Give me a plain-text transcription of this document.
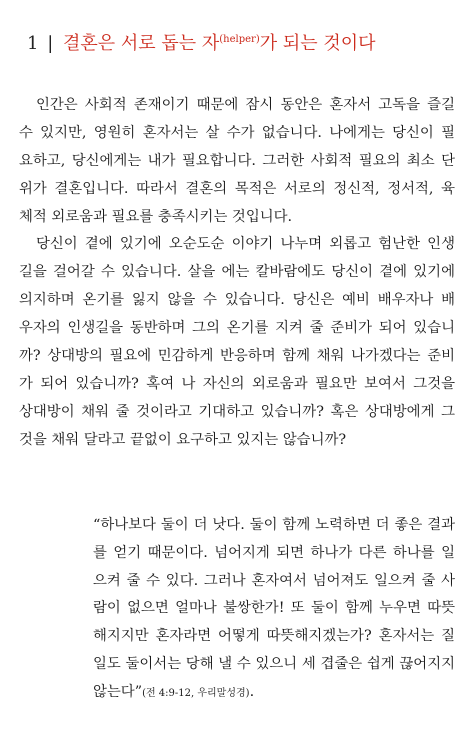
1 | 결혼은 서로 돕는 자$^{(helper)}$가 되는 것이다
　인간은 사회적 존재이기 때문에 잠시 동안은 혼자서 고독을 즐길
수 있지만, 영원히 혼자서는 살 수가 없습니다. 나에게는 당신이 필
요하고, 당신에게는 내가 필요합니다. 그러한 사회적 필요의 최소 단
위가 결혼입니다. 따라서 결혼의 목적은 서로의 정신적, 정서적, 육
체적 외로움과 필요를 충족시키는 것입니다.
　당신이 곁에 있기에 오순도순 이야기 나누며 외롭고 험난한 인생
길을 걸어갈 수 있습니다. 살을 에는 칼바람에도 당신이 곁에 있기에
의지하며 온기를 잃지 않을 수 있습니다. 당신은 예비 배우자나 배
우자의 인생길을 동반하며 그의 온기를 지켜 줄 준비가 되어 있습니
까? 상대방의 필요에 민감하게 반응하며 함께 채워 나가겠다는 준비
가 되어 있습니까? 혹여 나 자신의 외로움과 필요만 보여서 그것을
상대방이 채워 줄 것이라고 기대하고 있습니까? 혹은 상대방에게 그
것을 채워 달라고 끝없이 요구하고 있지는 않습니까?
“하나보다 둘이 더 낫다. 둘이 함께 노력하면 더 좋은 결과
를 얻기 때문이다. 넘어지게 되면 하나가 다른 하나를 일
으켜 줄 수 있다. 그러나 혼자여서 넘어져도 일으켜 줄 사
람이 없으면 얼마나 불쌍한가! 또 둘이 함께 누우면 따뜻
해지지만 혼자라면 어떻게 따뜻해지겠는가? 혼자서는 질
일도 둘이서는 당해 낼 수 있으니 세 겹줄은 쉽게 끊어지지
않는다”(전 4:9-12, 우리말성경).
